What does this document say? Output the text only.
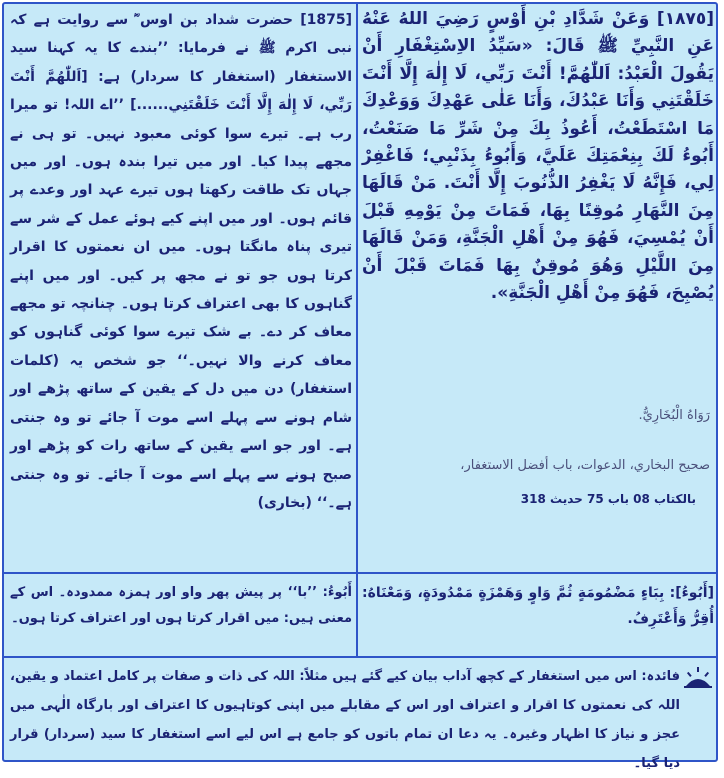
[١٨٧٥] وَعَنْ شَدَّادِ بْنِ أَوْسٍ رَضِيَ اللهُ عَنْهُ عَنِ النَّبِيِّ ﷺ قَالَ: «سَيِّدُ الاِسْتِغْفَارِ أَنْ يَقُولَ الْعَبْدُ: اَللّٰهُمَّ! أَنْتَ رَبِّي، لَا إِلٰهَ إِلَّا أَنْتَ خَلَقْتَنِي وَأَنَا عَبْدُكَ، وَأَنَا عَلٰى عَهْدِكَ وَوَعْدِكَ مَا اسْتَطَعْتُ، أَعُوذُ بِكَ مِنْ شَرِّ مَا صَنَعْتُ، أَبُوءُ لَكَ بِنِعْمَتِكَ عَلَيَّ، وَأَبُوءُ بِذَنْبِي؛ فَاغْفِرْ لِي، فَإِنَّهُ لَا يَغْفِرُ الذُّنُوبَ إِلَّا أَنْتَ. مَنْ قَالَهَا مِنَ النَّهَارِ مُوقِنًا بِهَا، فَمَاتَ مِنْ يَوْمِهِ قَبْلَ أَنْ يُمْسِيَ، فَهُوَ مِنْ أَهْلِ الْجَنَّةِ، وَمَنْ قَالَهَا مِنَ اللَّيْلِ وَهُوَ مُوقِنٌ بِهَا فَمَاتَ قَبْلَ أَنْ يُصْبِحَ، فَهُوَ مِنْ أَهْلِ الْجَنَّةِ».
رَوَاهُ الْبُخَارِيُّ.
صحيح البخاري، الدعوات، باب أفضل الاستغفار،
بالکتاب 08 باب 75 حدیث 318
[1875] حضرت شداد بن اوس ؓ سے روایت ہے کہ نبی اکرم ﷺ نے فرمایا: ’’بندے کا یہ کہنا سید الاستغفار (استغفار کا سردار) ہے: [اَللّٰهُمَّ أَنْتَ رَبِّي، لَا إِلٰهَ إِلَّا أَنْتَ خَلَقْتَنِي......] ’’اے اللہ! تو میرا رب ہے۔ تیرے سوا کوئی معبود نہیں۔ تو ہی نے مجھے پیدا کیا۔ اور میں تیرا بندہ ہوں۔ اور میں جہاں تک طاقت رکھتا ہوں تیرے عہد اور وعدے پر قائم ہوں۔ اور میں اپنے کیے ہوئے عمل کے شر سے تیری پناہ مانگتا ہوں۔ میں ان نعمتوں کا اقرار کرتا ہوں جو تو نے مجھ پر کیں۔ اور میں اپنے گناہوں کا بھی اعتراف کرتا ہوں۔ چنانچہ تو مجھے معاف کر دے۔ بے شک تیرے سوا کوئی گناہوں کو معاف کرنے والا نہیں۔‘‘ جو شخص یہ (کلمات استغفار) دن میں دل کے یقین کے ساتھ پڑھے اور شام ہونے سے پہلے اسے موت آ جائے تو وہ جنتی ہے۔ اور جو اسے یقین کے ساتھ رات کو پڑھے اور صبح ہونے سے پہلے اسے موت آ جائے۔ تو وہ جنتی ہے۔‘‘ (بخاری)
[أَبُوءُ]: بِبَاءٍ مَضْمُومَةٍ ثُمَّ وَاوٍ وَهَمْزَةٍ مَمْدُودَةٍ، وَمَعْنَاهُ: أُقِرُّ وَأَعْتَرِفُ.
أَبُوءُ: ’’با‘‘ پر پیش پھر واو اور ہمزہ ممدودہ۔ اس کے معنی ہیں: میں اقرار کرتا ہوں اور اعتراف کرتا ہوں۔
فائدہ: اس میں استغفار کے کچھ آداب بیان کیے گئے ہیں مثلاً: اللہ کی ذات و صفات پر کامل اعتماد و یقین، اللہ کی نعمتوں کا اقرار و اعتراف اور اس کے مقابلے میں اپنی کوتاہیوں کا اعتراف اور بارگاہ الٰہی میں عجز و نیاز کا اظہار وغیرہ۔ یہ دعا ان تمام باتوں کو جامع ہے اس لیے اسے استغفار کا سید (سردار) قرار دیا گیا۔
